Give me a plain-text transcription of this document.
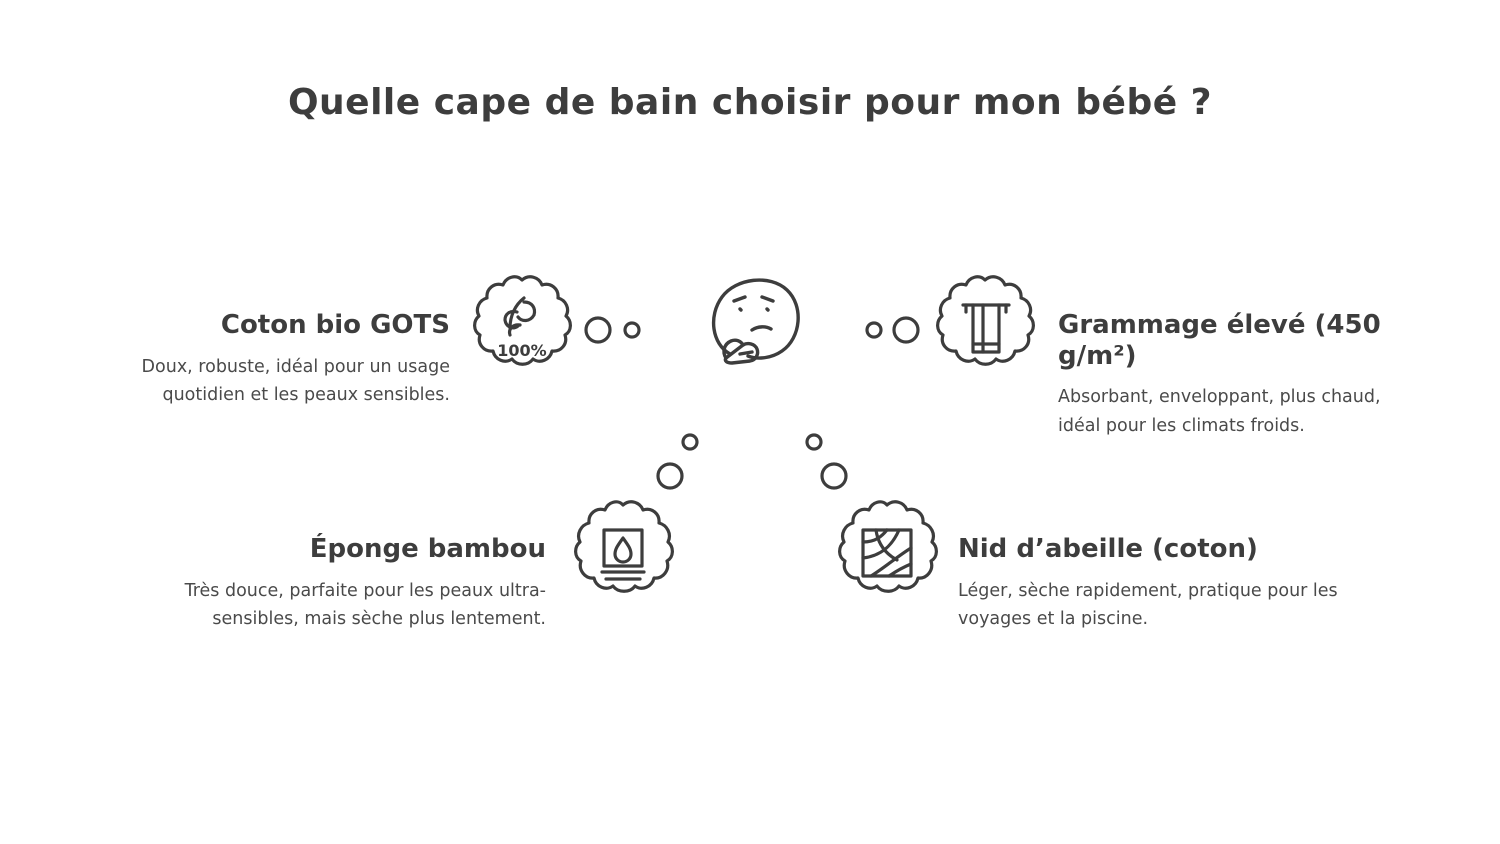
Quelle cape de bain choisir pour mon bébé ?
Coton bio GOTS
Doux, robuste, idéal pour un usage quotidien et les peaux sensibles.
100%
Grammage élevé (450 g/m²)
Absorbant, enveloppant, plus chaud, idéal pour les climats froids.
Éponge bambou
Très douce, parfaite pour les peaux ultra-sensibles, mais sèche plus lentement.
Nid d’abeille (coton)
Léger, sèche rapidement, pratique pour les voyages et la piscine.
